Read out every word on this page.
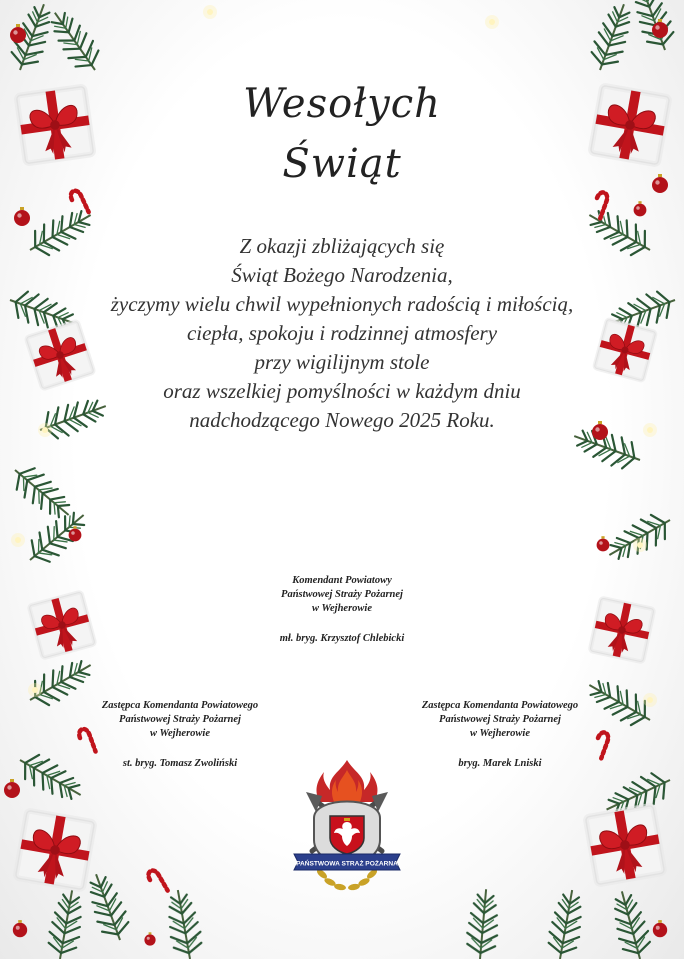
Wesołych
Świąt
Z okazji zbliżających się
Świąt Bożego Narodzenia,
życzymy wielu chwil wypełnionych radością i miłością,
ciepła, spokoju i rodzinnej atmosfery
przy wigilijnym stole
oraz wszelkiej pomyślności w każdym dniu
nadchodzącego Nowego 2025 Roku.
Komendant Powiatowy
Państwowej Straży Pożarnej
w Wejherowie
mł. bryg. Krzysztof Chlebicki
Zastępca Komendanta Powiatowego
Państwowej Straży Pożarnej
w Wejherowie
st. bryg. Tomasz Zwoliński
Zastępca Komendanta Powiatowego
Państwowej Straży Pożarnej
w Wejherowie
bryg. Marek Lniski
PAŃSTWOWA STRAŻ POŻARNA
